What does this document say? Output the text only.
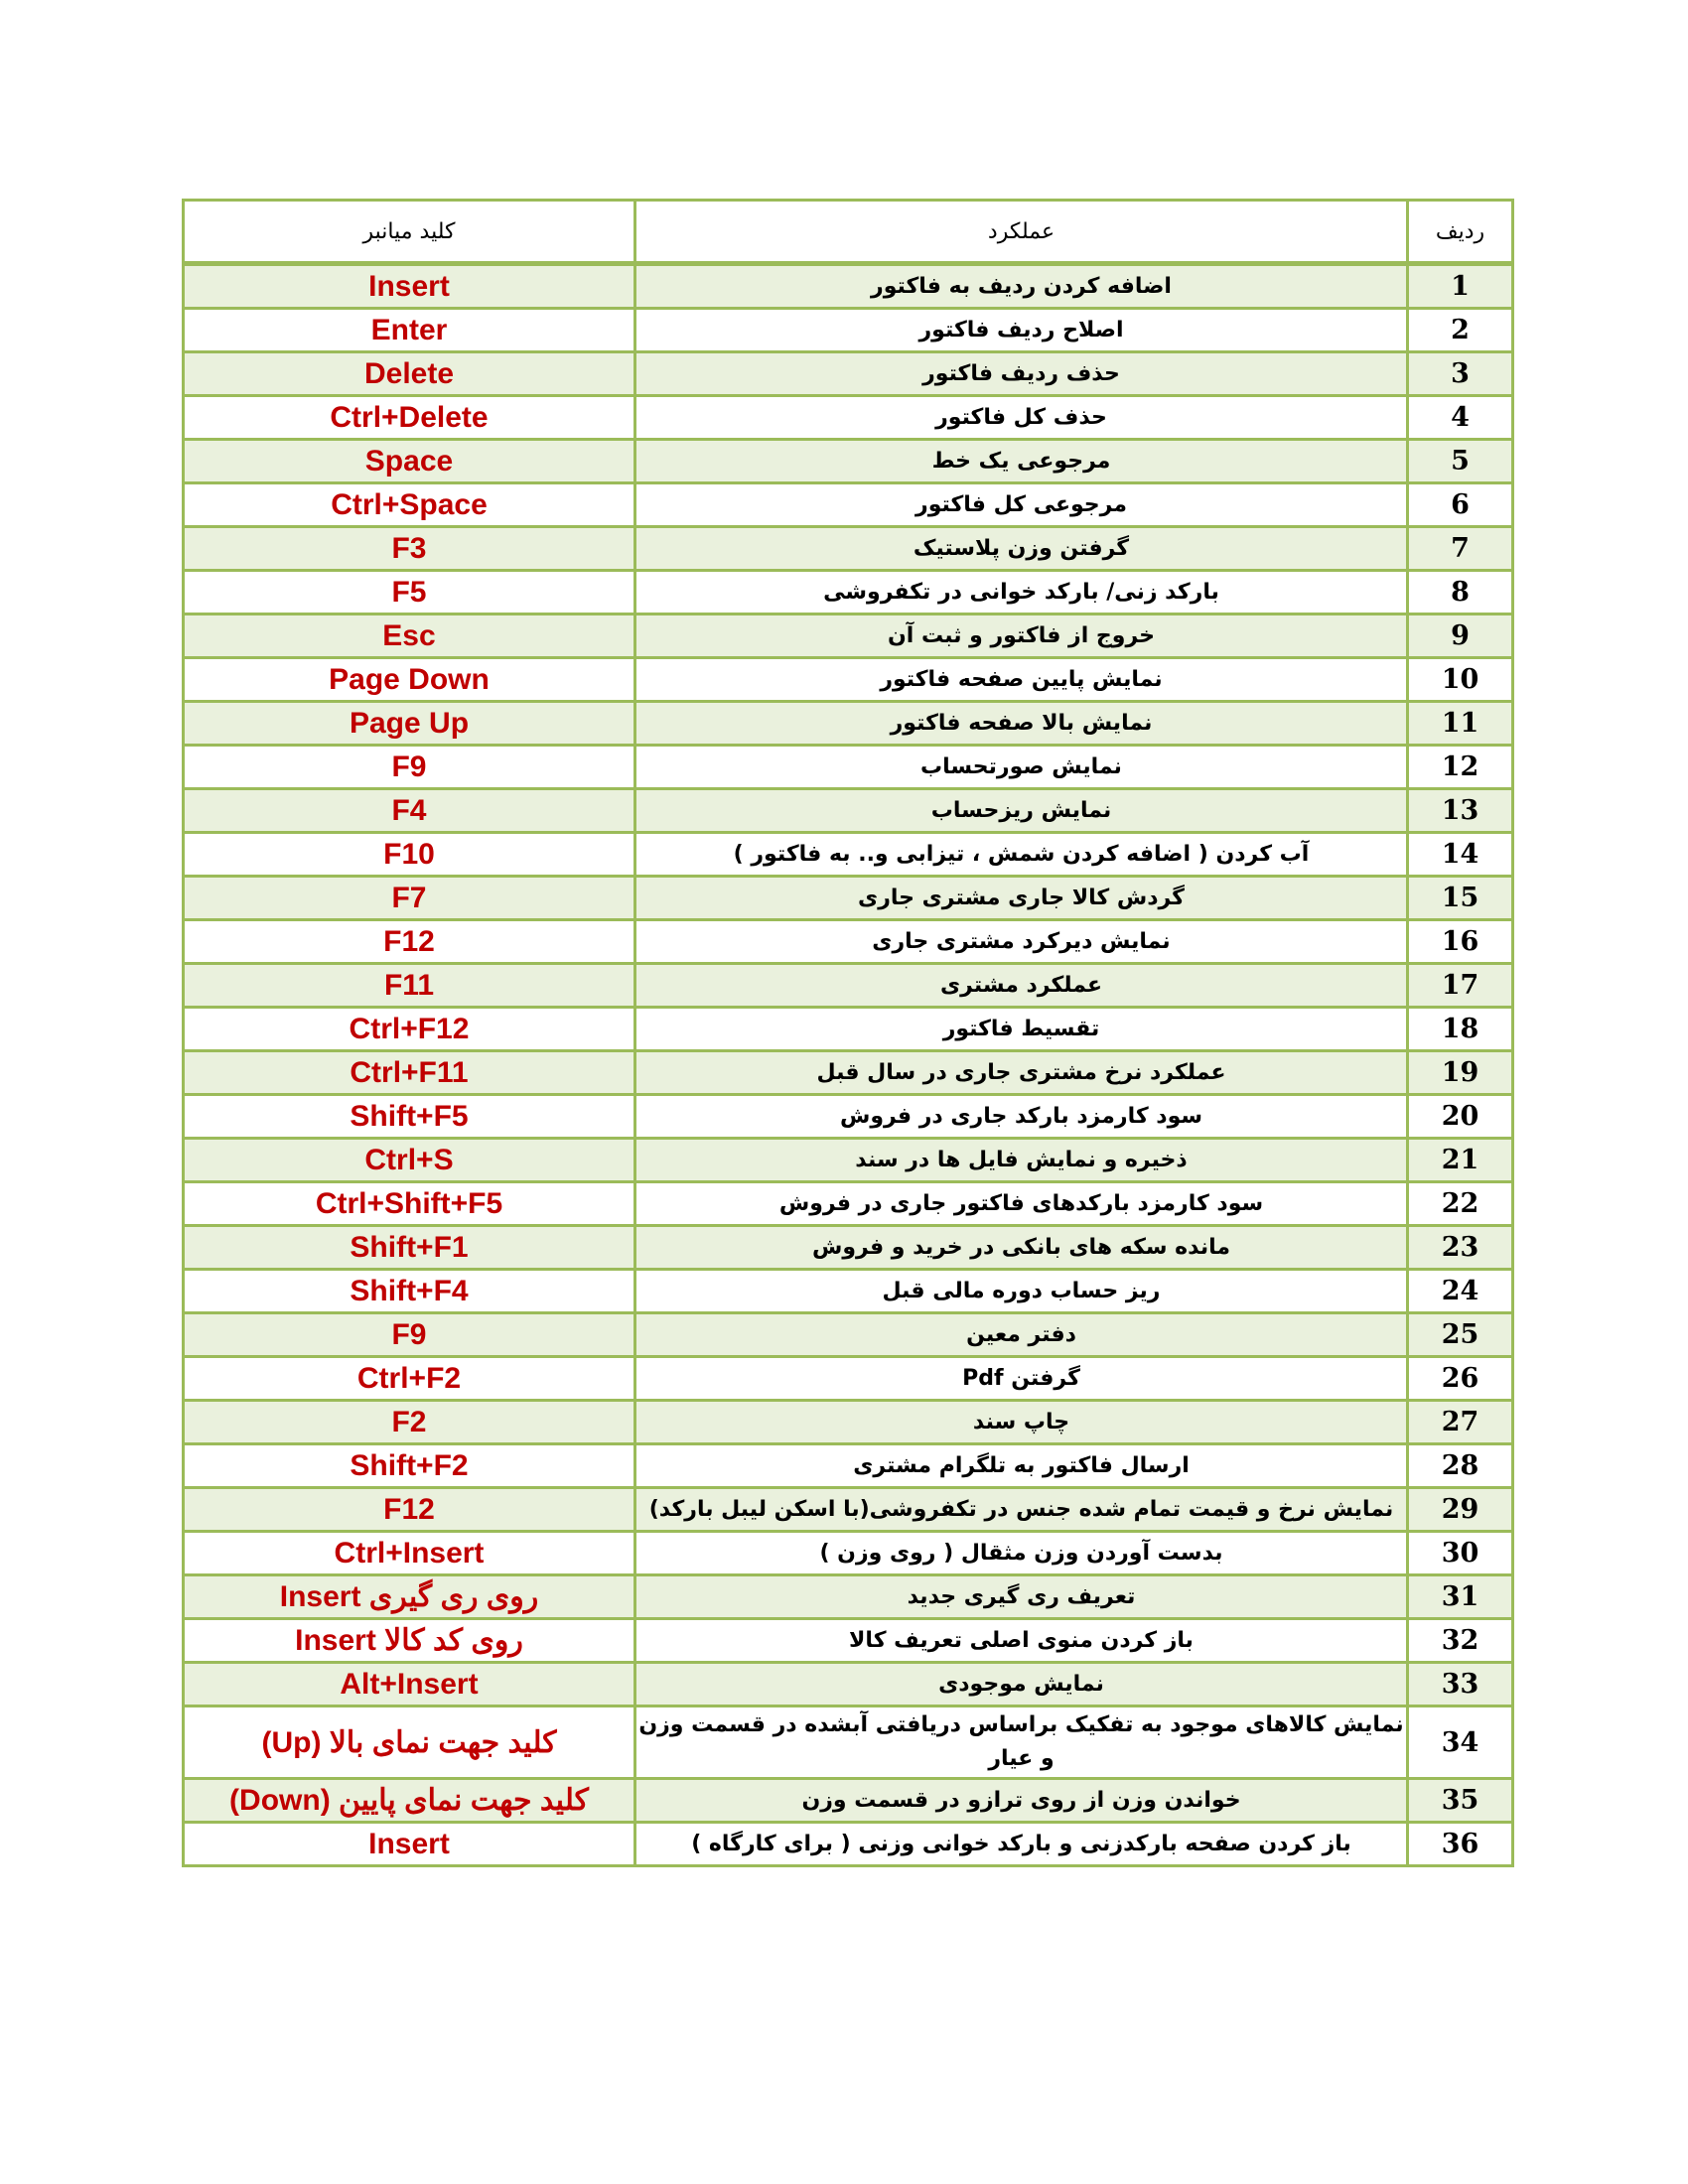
کلید میانبر	عملکرد	ردیف
Insert	اضافه کردن ردیف به فاکتور	1
Enter	اصلاح ردیف فاکتور	2
Delete	حذف ردیف فاکتور	3
Ctrl+Delete	حذف کل فاکتور	4
Space	مرجوعی یک خط	5
Ctrl+Space	مرجوعی کل فاکتور	6
F3	گرفتن وزن پلاستیک	7
F5	بارکد زنی/ بارکد خوانی در تکفروشی	8
Esc	خروج از فاکتور و ثبت آن	9
Page Down	نمایش پایین صفحه فاکتور	10
Page Up	نمایش بالا صفحه فاکتور	11
F9	نمایش صورتحساب	12
F4	نمایش ریزحساب	13
F10	آب کردن ( اضافه کردن شمش ، تیزابی و.. به فاکتور )	14
F7	گردش کالا جاری مشتری جاری	15
F12	نمایش دیرکرد مشتری جاری	16
F11	عملکرد مشتری	17
Ctrl+F12	تقسیط فاکتور	18
Ctrl+F11	عملکرد نرخ مشتری جاری در سال قبل	19
Shift+F5	سود کارمزد بارکد جاری در فروش	20
Ctrl+S	ذخیره و نمایش فایل ها در سند	21
Ctrl+Shift+F5	سود کارمزد بارکدهای فاکتور جاری در فروش	22
Shift+F1	مانده سکه های بانکی در خرید و فروش	23
Shift+F4	ریز حساب دوره مالی قبل	24
F9	دفتر معین	25
Ctrl+F2	گرفتن Pdf	26
F2	چاپ سند	27
Shift+F2	ارسال فاکتور به تلگرام مشتری	28
F12	نمایش نرخ و قیمت تمام شده جنس در تکفروشی(با اسکن لیبل بارکد)	29
Ctrl+Insert	بدست آوردن وزن مثقال ( روی وزن )	30
Insert روی ری گیری	تعریف ری گیری جدید	31
Insert روی کد کالا	باز کردن منوی اصلی تعریف کالا	32
Alt+Insert	نمایش موجودی	33
کلید جهت نمای بالا (Up)	نمایش کالاهای موجود به تفکیک براساس دریافتی آبشده در قسمت وزن و عیار	34
کلید جهت نمای پایین (Down)	خواندن وزن از روی ترازو در قسمت وزن	35
Insert	باز کردن صفحه بارکدزنی و بارکد خوانی وزنی ( برای کارگاه )	36
